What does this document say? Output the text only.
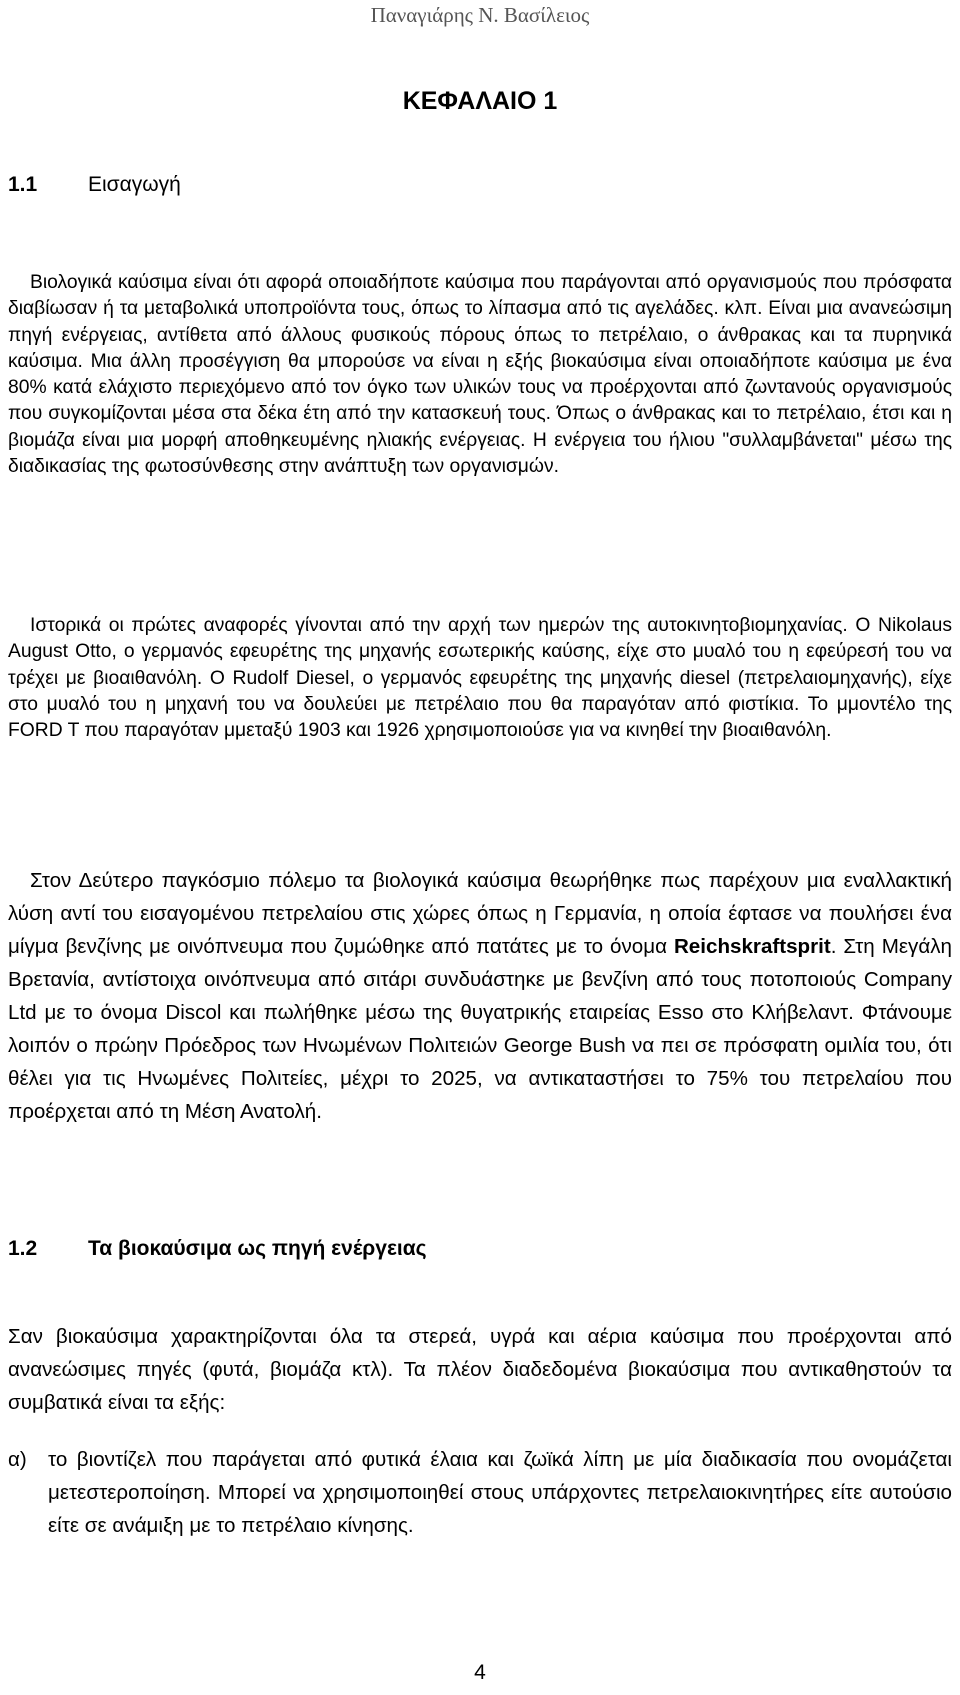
Παναγιάρης Ν. Βασίλειος
ΚΕΦΑΛΑΙΟ 1
1.1 Εισαγωγή
Βιολογικά καύσιμα είναι ότι αφορά οποιαδήποτε καύσιμα που παράγονται από οργανισμούς που πρόσφατα διαβίωσαν ή τα μεταβολικά υποπροϊόντα τους, όπως το λίπασμα από τις αγελάδες. κλπ. Είναι μια ανανεώσιμη πηγή ενέργειας, αντίθετα από άλλους φυσικούς πόρους όπως το πετρέλαιο, ο άνθρακας και τα πυρηνικά καύσιμα. Μια άλλη προσέγγιση θα μπορούσε να είναι η εξής βιοκαύσιμα είναι οποιαδήποτε καύσιμα με ένα 80% κατά ελάχιστο περιεχόμενο από τον όγκο των υλικών τους να προέρχονται από ζωντανούς οργανισμούς που συγκομίζονται μέσα στα δέκα έτη από την κατασκευή τους. Όπως ο άνθρακας και το πετρέλαιο, έτσι και η βιομάζα είναι μια μορφή αποθηκευμένης ηλιακής ενέργειας. Η ενέργεια του ήλιου "συλλαμβάνεται" μέσω της διαδικασίας της φωτοσύνθεσης στην ανάπτυξη των οργανισμών.
Ιστορικά οι πρώτες αναφορές γίνονται από την αρχή των ημερών της αυτοκινητοβιομηχανίας. Ο Nikolaus August Otto, ο γερμανός εφευρέτης της μηχανής εσωτερικής καύσης, είχε στο μυαλό του η εφεύρεσή του να τρέχει με βιοαιθανόλη. Ο Rudolf Diesel, ο γερμανός εφευρέτης της μηχανής diesel (πετρελαιομηχανής), είχε στο μυαλό του η μηχανή του να δουλεύει με πετρέλαιο που θα παραγόταν από φιστίκια. Το μμοντέλο της FORD T που παραγόταν μμεταξύ 1903 και 1926 χρησιμοποιούσε για να κινηθεί την βιοαιθανόλη.
Στον Δεύτερο παγκόσμιο πόλεμο τα βιολογικά καύσιμα θεωρήθηκε πως παρέχουν μια εναλλακτική λύση αντί του εισαγομένου πετρελαίου στις χώρες όπως η Γερμανία, η οποία έφτασε να πουλήσει ένα μίγμα βενζίνης με οινόπνευμα που ζυμώθηκε από πατάτες με το όνομα Reichskraftsprit. Στη Μεγάλη Βρετανία, αντίστοιχα οινόπνευμα από σιτάρι συνδυάστηκε με βενζίνη από τους ποτοποιούς Company Ltd με το όνομα Discol και πωλήθηκε μέσω της θυγατρικής εταιρείας Esso στο Κλήβελαντ. Φτάνουμε λοιπόν ο πρώην Πρόεδρος των Ηνωμένων Πολιτειών George Bush να πει σε πρόσφατη ομιλία του, ότι θέλει για τις Ηνωμένες Πολιτείες, μέχρι το 2025, να αντικαταστήσει το 75% του πετρελαίου που προέρχεται από τη Μέση Ανατολή.
1.2 Τα βιοκαύσιμα ως πηγή ενέργειας
Σαν βιοκαύσιμα χαρακτηρίζονται όλα τα στερεά, υγρά και αέρια καύσιμα που προέρχονται από ανανεώσιμες πηγές (φυτά, βιομάζα κτλ). Τα πλέον διαδεδομένα βιοκαύσιμα που αντικαθηστούν τα συμβατικά είναι τα εξής:
α) το βιοντίζελ που παράγεται από φυτικά έλαια και ζωϊκά λίπη με μία διαδικασία που ονομάζεται μετεστεροποίηση. Μπορεί να χρησιμοποιηθεί στους υπάρχοντες πετρελαιοκινητήρες είτε αυτούσιο είτε σε ανάμιξη με το πετρέλαιο κίνησης.
4
